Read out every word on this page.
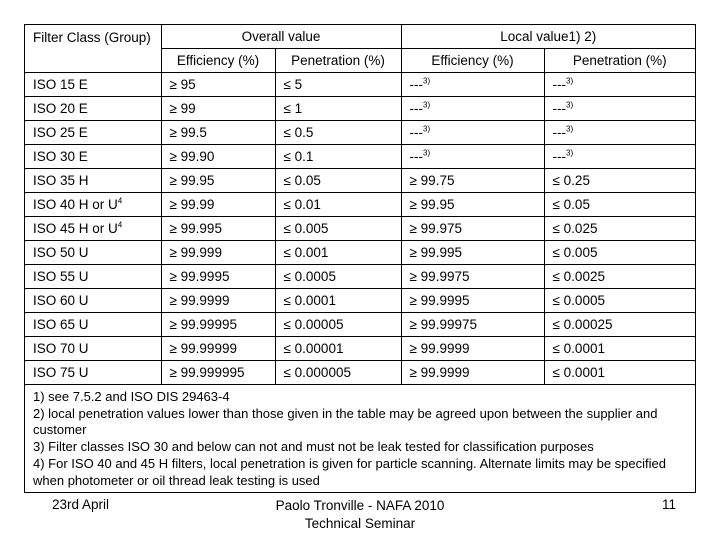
Filter Class (Group)	Overall value		Local value1) 2)	
	Efficiency (%)	Penetration (%)	Efficiency (%)	Penetration (%)
ISO 15 E	≥ 95	≤ 5	---$^{3)}$	---$^{3)}$
ISO 20 E	≥ 99	≤ 1	---$^{3)}$	---$^{3)}$
ISO 25 E	≥ 99.5	≤ 0.5	---$^{3)}$	---$^{3)}$
ISO 30 E	≥ 99.90	≤ 0.1	---$^{3)}$	---$^{3)}$
ISO 35 H	≥ 99.95	≤ 0.05	≥ 99.75	≤ 0.25
ISO 40 H or $U^4$	≥ 99.99	≤ 0.01	≥ 99.95	≤ 0.05
ISO 45 H or $U^4$	≥ 99.995	≤ 0.005	≥ 99.975	≤ 0.025
ISO 50 U	≥ 99.999	≤ 0.001	≥ 99.995	≤ 0.005
ISO 55 U	≥ 99.9995	≤ 0.0005	≥ 99.9975	≤ 0.0025
ISO 60 U	≥ 99.9999	≤ 0.0001	≥ 99.9995	≤ 0.0005
ISO 65 U	≥ 99.99995	≤ 0.00005	≥ 99.99975	≤ 0.00025
ISO 70 U	≥ 99.99999	≤ 0.00001	≥ 99.9999	≤ 0.0001
ISO 75 U	≥ 99.999995	≤ 0.000005	≥ 99.9999	≤ 0.0001
1) see 7.5.2 and ISO DIS 29463-4
2) local penetration values lower than those given in the table may be agreed upon between the supplier and customer
3) Filter classes ISO 30 and below can not and must not be leak tested for classification purposes
4) For ISO 40 and 45 H filters, local penetration is given for particle scanning. Alternate limits may be specified when photometer or oil thread leak testing is used
23rd April	Paolo Tronville - NAFA 2010
Technical Seminar
11
